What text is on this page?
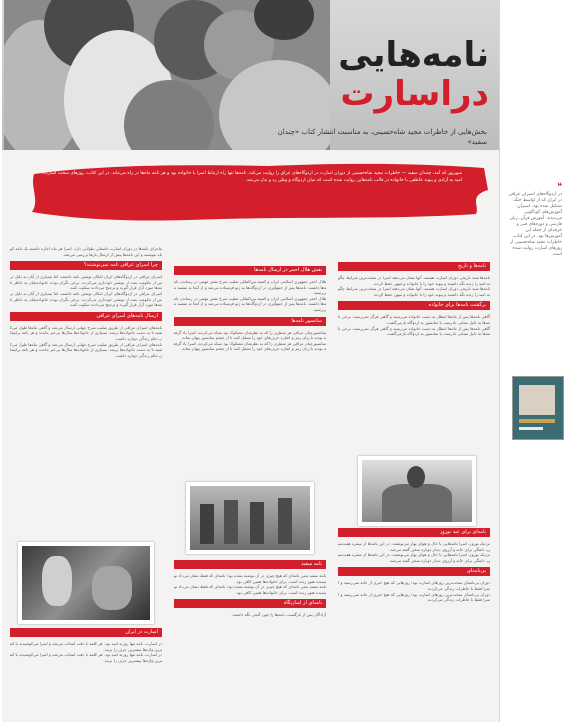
نامه‌هایی
دراسارت
بخش‌هایی از خاطرات مجید شاه‌حسینی، به مناسبت انتشار کتاب «چندان سفید»
شهریور که آمد، چمدان سفید — خاطرات مجید شاه‌حسینی از دوران اسارت در اردوگاه‌های عراق را روایت می‌کند. نامه‌ها تنها راه ارتباط اسرا با خانواده بود و هر نامه ماه‌ها در راه می‌ماند. در این کتاب، روزهای سخت اسارت، امید به آزادی و پیوند عاطفی با خانواده در قالب نامه‌هایی روایت شده است که میان اردوگاه و وطن رد و بدل می‌شد.
ماجرای نامه‌ها در دوران اسارت داستانی طولانی دارد. اسرا هر ماه اجازه داشتند یک نامه کوتاه بنویسند و این نامه‌ها پیش از ارسال بارها بررسی می‌شد.
چرا اسرای عراقی نامه نمی‌نوشتند؟
اسرای عراقی در اردوگاه‌های ایران امکان نوشتن نامه داشتند، اما بسیاری از آنان به دلیل ترس از حکومت بعث از نوشتن خودداری می‌کردند. برخی نگران بودند خانواده‌شان به خاطر نامه‌ها مورد آزار قرار گیرند و ترجیح می‌دادند سکوت کنند.
اسرای عراقی در اردوگاه‌های ایران امکان نوشتن نامه داشتند، اما بسیاری از آنان به دلیل ترس از حکومت بعث از نوشتن خودداری می‌کردند. برخی نگران بودند خانواده‌شان به خاطر نامه‌ها مورد آزار قرار گیرند و ترجیح می‌دادند سکوت کنند.
ارسال نامه‌های اسرای عراقی
نامه‌های اسرای عراقی از طریق صلیب سرخ جهانی ارسال می‌شد و گاهی ماه‌ها طول می‌کشید تا به دست خانواده‌ها برسد. بسیاری از خانواده‌ها سال‌ها بی‌خبر ماندند و هر نامه برایشان حکم زندگی دوباره داشت.
نامه‌های اسرای عراقی از طریق صلیب سرخ جهانی ارسال می‌شد و گاهی ماه‌ها طول می‌کشید تا به دست خانواده‌ها برسد. بسیاری از خانواده‌ها سال‌ها بی‌خبر ماندند و هر نامه برایشان حکم زندگی دوباره داشت.
اسارت در ایران
در اسارت، نامه تنها روزنه امید بود. هر کلمه با دقت انتخاب می‌شد و اسرا می‌کوشیدند با کمترین واژه‌ها بیشترین حرف را بزنند.
در اسارت، نامه تنها روزنه امید بود. هر کلمه با دقت انتخاب می‌شد و اسرا می‌کوشیدند با کمترین واژه‌ها بیشترین حرف را بزنند.
نقش هلال احمر در ارسال نامه‌ها
هلال احمر جمهوری اسلامی ایران و کمیته بین‌المللی صلیب سرخ نقش مهمی در رساندن نامه‌ها داشتند. نامه‌ها پس از جمع‌آوری در اردوگاه‌ها به ژنو فرستاده می‌شد و از آنجا به مقصد می‌رسید.
هلال احمر جمهوری اسلامی ایران و کمیته بین‌المللی صلیب سرخ نقش مهمی در رساندن نامه‌ها داشتند. نامه‌ها پس از جمع‌آوری در اردوگاه‌ها به ژنو فرستاده می‌شد و از آنجا به مقصد می‌رسید.
سانسور نامه‌ها
سانسورچیان عراقی هر سطری را که به نظرشان مشکوک بود سیاه می‌کردند. اسرا یاد گرفته بودند با زبان رمز و اشاره حرف‌های خود را منتقل کنند تا از چشم سانسور پنهان بماند.
سانسورچیان عراقی هر سطری را که به نظرشان مشکوک بود سیاه می‌کردند. اسرا یاد گرفته بودند با زبان رمز و اشاره حرف‌های خود را منتقل کنند تا از چشم سانسور پنهان بماند.
نامه سفید
نامه سفید یعنی نامه‌ای که هیچ چیزی در آن نوشته نشده بود؛ نامه‌ای که فقط نشان می‌داد نویسنده هنوز زنده است. برای خانواده‌ها همین کافی بود.
نامه سفید یعنی نامه‌ای که هیچ چیزی در آن نوشته نشده بود؛ نامه‌ای که فقط نشان می‌داد نویسنده هنوز زنده است. برای خانواده‌ها همین کافی بود.
نامه‌ای از اسارتگاه
آزادگان پس از بازگشت، نامه‌ها را چون گنجی نگه داشتند.
نامه‌ها و تاریخ
نامه‌ها سند تاریخی دوران اسارت هستند. آنها نشان می‌دهند اسرا در سخت‌ترین شرایط چگونه امید را زنده نگه داشتند و پیوند خود را با خانواده و میهن حفظ کردند.
نامه‌ها سند تاریخی دوران اسارت هستند. آنها نشان می‌دهند اسرا در سخت‌ترین شرایط چگونه امید را زنده نگه داشتند و پیوند خود را با خانواده و میهن حفظ کردند.
برگشت نامه‌ها برای خانواده
گاهی نامه‌ها پس از ماه‌ها انتظار به دست خانواده می‌رسید و گاهی هرگز نمی‌رسید. برخی نامه‌ها به دلیل نشانی نادرست یا سانسور به اردوگاه بازمی‌گشت.
گاهی نامه‌ها پس از ماه‌ها انتظار به دست خانواده می‌رسید و گاهی هرگز نمی‌رسید. برخی نامه‌ها به دلیل نشانی نادرست یا سانسور به اردوگاه بازمی‌گشت.
نامه‌ای برای عید نوروز
نزدیک نوروز، اسرا نامه‌هایی با حال و هوای بهار می‌نوشتند. در این نامه‌ها از سفره هفت‌سین، دلتنگی برای خانه و آرزوی دیدار دوباره سخن گفته می‌شد.
نزدیک نوروز، اسرا نامه‌هایی با حال و هوای بهار می‌نوشتند. در این نامه‌ها از سفره هفت‌سین، دلتنگی برای خانه و آرزوی دیدار دوباره سخن گفته می‌شد.
بی‌نامه‌ای
دوران بی‌نامه‌ای سخت‌ترین روزهای اسارت بود؛ روزهایی که هیچ خبری از خانه نمی‌رسید و اسرا فقط با خاطرات زندگی می‌کردند.
دوران بی‌نامه‌ای سخت‌ترین روزهای اسارت بود؛ روزهایی که هیچ خبری از خانه نمی‌رسید و اسرا فقط با خاطرات زندگی می‌کردند.
❝
در اردوگاه‌های اسیران عراقی در ایران که از اواسط جنگ تشکیل شده بود، اسیران آموزش‌های گوناگونی می‌دیدند. آموزش قرآن، زبان فارسی و دوره‌های فنی و حرفه‌ای از جمله این آموزش‌ها بود. در این کتاب، خاطرات مجید شاه‌حسینی از روزهای اسارت روایت شده است.
